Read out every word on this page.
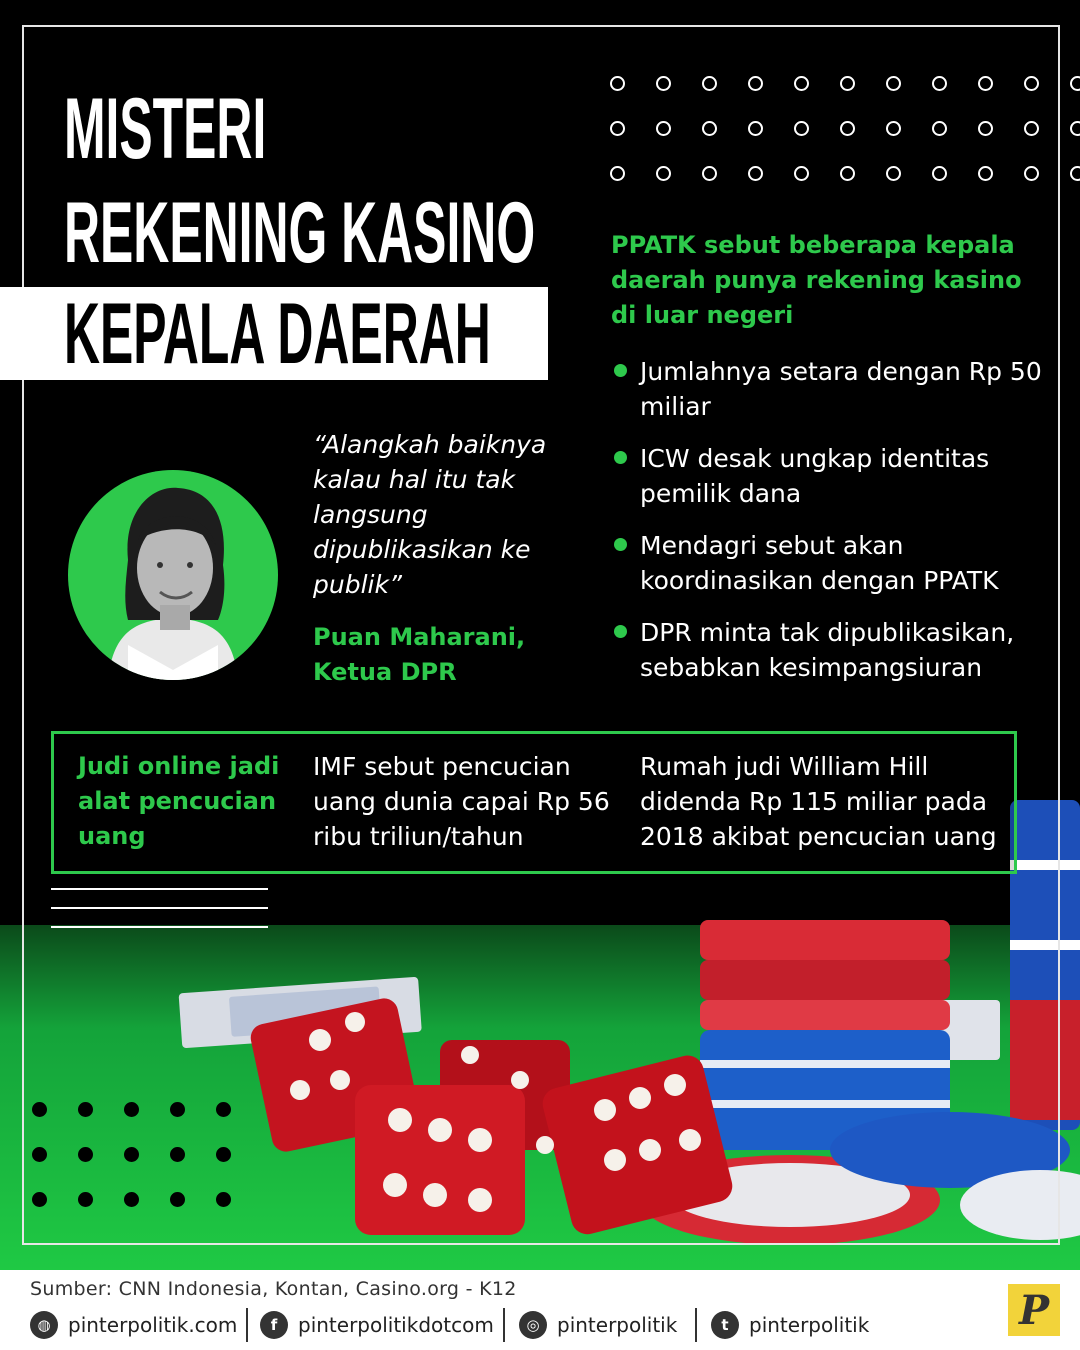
MISTERI
REKENING KASINO
KEPALA DAERAH
PPATK sebut beberapa kepala daerah punya rekening kasino di luar negeri
Jumlahnya setara dengan Rp 50 miliar
ICW desak ungkap identitas pemilik dana
Mendagri sebut akan koordinasikan dengan PPATK
DPR minta tak dipublikasikan, sebabkan kesimpangsiuran
“Alangkah baiknya kalau hal itu tak langsung dipublikasikan ke publik”
Puan Maharani,
Ketua DPR
Judi online jadi alat pencucian uang
IMF sebut pencucian uang dunia capai Rp 56 ribu triliun/tahun
Rumah judi William Hill didenda Rp 115 miliar pada 2018 akibat pencucian uang
Sumber: CNN Indonesia, Kontan, Casino.org - K12
◍ pinterpolitik.com	f	pinterpolitikdotcom	◎ pinterpolitik	t	pinterpolitik	P
